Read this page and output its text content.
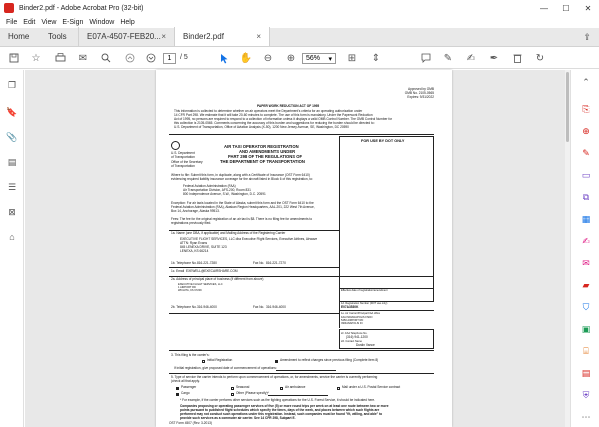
Binder2.pdf - Adobe Acrobat Pro (32-bit)	—	☐	✕
File Edit View E-Sign Window Help
Home	Tools	E07A-4507-FEB20... × Binder2.pdf	×	⇪
☆	✉	1	/ 5	✋	⊖	⊕	56% ▾	⊞	⇕	✎	✍	✒	↻
❐
🔖
📎
▤
☰
⊠
⌂
Approved by OMB
OMB No. 2105-0565
Expires: 9/31/2022
PAPER WORK REDUCTION ACT OF 1995
This information is collected to determine whether an air operators meet the Department's criteria for an operating authorization under
14 CFR Part 298. We estimate that it will take 20-60 minutes to complete. The use of this form is mandatory. Under the Paperwork Reduction
Act of 1995, no persons are required to respond to a collection of information unless it displays a valid OMB Control Number. The OMB Control Number for
this collection is 2105-0565. Comments concerning the accuracy of this burden and suggestions for reducing the burden should be directed to:
U.S. Department of Transportation, Office of Aviation Analysis (X-50), 1200 New Jersey Avenue, SE, Washington, DC 20590
U.S. Department
of Transportation
Office of the Secretary
of Transportation
AIR TAXI OPERATOR REGISTRATION
AND AMENDMENTS UNDER
PART 298 OF THE REGULATIONS OF
THE DEPARTMENT OF TRANSPORTATION
FOR USE BY DOT ONLY
Effective date of registration/amendment
Where to file: Submit this form, in duplicate, along with a Certificate of Insurance (OST Form 6410)
evidencing required liability insurance coverage for the aircraft listed in Block 6 of this registration, to:
Federal Aviation Administration (FAA)
Air Transportation Division, AFS-200, Room 831
800 Independence Avenue, S.W., Washington, D.C. 20591
Exception: For air taxis located in the State of Alaska, submit this form and the OST Form 6410 to the
Federal Aviation Administration (FAA), Alaskan Region Headquarters, AAL-201, 222 West 7th Avenue,
Box 14, Anchorage, Alaska 99513.
Fees: The fee for the original registration of an air taxi is $8. There is no filing fee for amendments to
registrations previously filed.
1a. Name (one DBA, if applicable) and Mailing Address of the Registering Carrier
EXECUTIVE FLIGHT SERVICES, LLC dba Executive Flight Services, Executive Airlines, Airwave
ATTN: Ryan Evans
845 LENEXA DRIVE, SUITE 123
LENEXA, KS 66214
1b. Telephone No. 816-221-7280	Fax No. 816-221-7270
1c. Email EXEWELL@EXECAIRSHARE.COM
1d. Registration Number (DOT use only)
E07A3530K
1e. Air Carrier/Principal FAA office
FAA INDIANAPOLIS FSDO
5450 AIRPORT RD
INDIANAPOLIS IN
2a. Address of principal place of business (if different from above)
EXECUTIVE FLIGHT SERVICES, LLC
1 AIRPORT RD
WICHITA, KS 67209
2b. Telephone No. 316-946-4000	Fax No. 316-946-4000
2c. FAA Telephone No.
(316) 941-1200
2d. Contact Name
Dustin Vance
3. This filing is the carrier's:
Initial Registration	Amendment to reflect changes since previous filing (Complete item 8)
If initial registration, give proposed date of commencement of operations:
5. Type of service the carrier intends to perform upon commencement of operations, or, for amendments, service the carrier is currently performing
(check all that apply.
Passenger	Seasonal	Air ambulance	Mail under a U.S. Postal Service contract
Cargo	Other (Please specify)*
* For example, if the carrier performs other services such as fire fighting operations for the U.S. Forest Service, it should be indicated here.
Companies proposing or operating passenger services of five (5) or more round trips per week on at least one route between two or more
points pursuant to published flight schedules which specify the times, days of the week, and places between which such flights are
performed may not conduct such operations under this registration. Instead, such companies must be found "fit, willing, and able" to
provide such services as a commuter air carrier. See 14 CFR 298, Subpart E.
OST Form 4507 (Rev. 3-2013)
⌃
⎘
⊕
✎
▭
⧉
▦
✍
✉
▰
⛉
▣
⌸
▤
⛨
⋯
